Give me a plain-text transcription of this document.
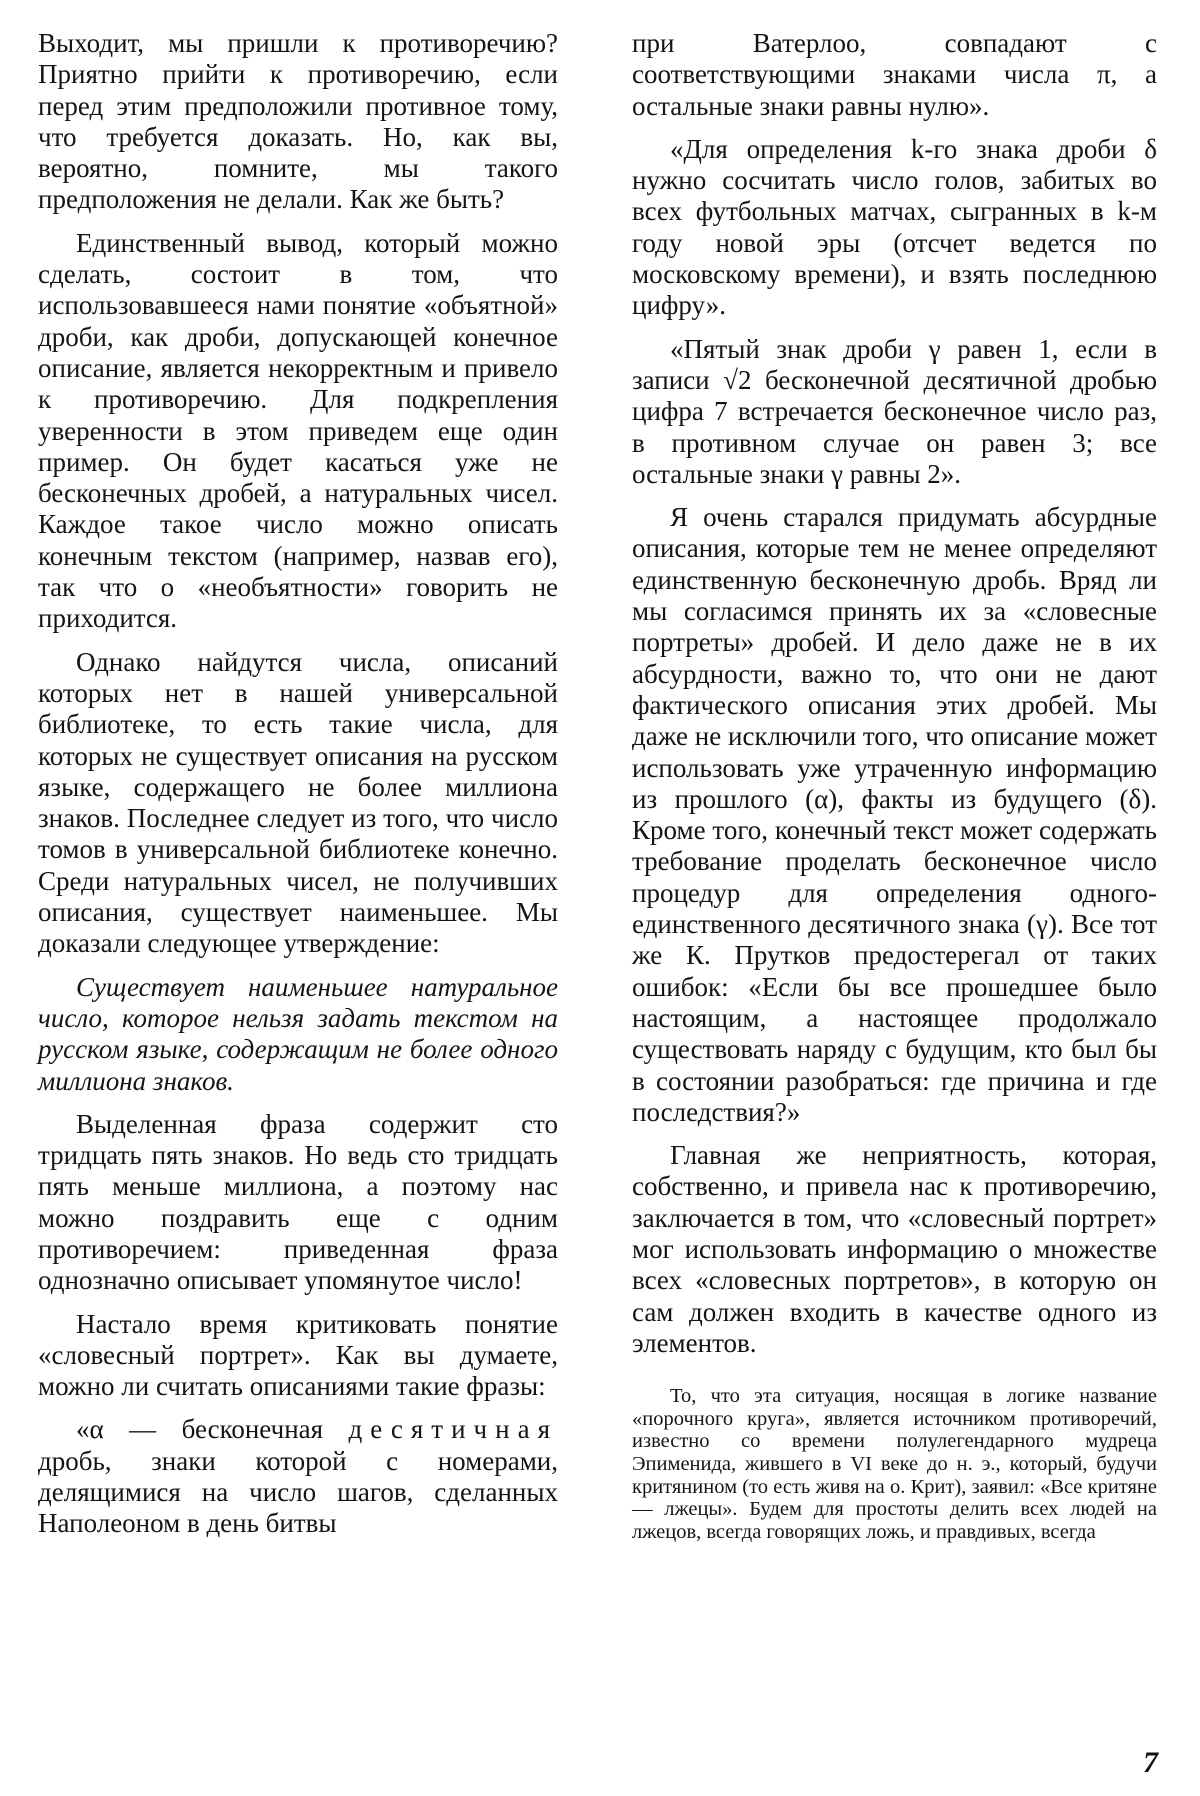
Выходит, мы пришли к противоречию? Приятно прийти к противоречию, если перед этим предположили противное тому, что требуется доказать. Но, как вы, вероятно, помните, мы такого предположения не делали. Как же быть?

Единственный вывод, который можно сделать, состоит в том, что использовавшееся нами понятие «объятной» дроби, как дроби, допускающей конечное описание, является некорректным и привело к противоречию. Для подкрепления уверенности в этом приведем еще один пример. Он будет касаться уже не бесконечных дробей, а натуральных чисел. Каждое такое число можно описать конечным текстом (например, назвав его), так что о «необъятности» говорить не приходится.

Однако найдутся числа, описаний которых нет в нашей универсальной библиотеке, то есть такие числа, для которых не существует описания на русском языке, содержащего не более миллиона знаков. Последнее следует из того, что число томов в универсальной библиотеке конечно. Среди натуральных чисел, не получивших описания, существует наименьшее. Мы доказали следующее утверждение:

Существует наименьшее натуральное число, которое нельзя задать текстом на русском языке, содержащим не более одного миллиона знаков.

Выделенная фраза содержит сто тридцать пять знаков. Но ведь сто тридцать пять меньше миллиона, а поэтому нас можно поздравить еще с одним противоречием: приведенная фраза однозначно описывает упомянутое число!

Настало время критиковать понятие «словесный портрет». Как вы думаете, можно ли считать описаниями такие фразы:

«α — бесконечная десятичная дробь, знаки которой с номерами, делящимися на число шагов, сделанных Наполеоном в день битвы

при Ватерлоо, совпадают с соответствующими знаками числа π, а остальные знаки равны нулю».

«Для определения k-го знака дроби δ нужно сосчитать число голов, забитых во всех футбольных матчах, сыгранных в k-м году новой эры (отсчет ведется по московскому времени), и взять последнюю цифру».

«Пятый знак дроби γ равен 1, если в записи √2 бесконечной десятичной дробью цифра 7 встречается бесконечное число раз, в противном случае он равен 3; все остальные знаки γ равны 2».

Я очень старался придумать абсурдные описания, которые тем не менее определяют единственную бесконечную дробь. Вряд ли мы согласимся принять их за «словесные портреты» дробей. И дело даже не в их абсурдности, важно то, что они не дают фактического описания этих дробей. Мы даже не исключили того, что описание может использовать уже утраченную информацию из прошлого (α), факты из будущего (δ). Кроме того, конечный текст может содержать требование проделать бесконечное число процедур для определения одного-единственного десятичного знака (γ). Все тот же К. Прутков предостерегал от таких ошибок: «Если бы все прошедшее было настоящим, а настоящее продолжало существовать наряду с будущим, кто был бы в состоянии разобраться: где причина и где последствия?»

Главная же неприятность, которая, собственно, и привела нас к противоречию, заключается в том, что «словесный портрет» мог использовать информацию о множестве всех «словесных портретов», в которую он сам должен входить в качестве одного из элементов.

То, что эта ситуация, носящая в логике название «порочного круга», является источником противоречий, известно со времени полулегендарного мудреца Эпименида, жившего в VI веке до н. э., который, будучи критянином (то есть живя на о. Крит), заявил: «Все критяне — лжецы». Будем для простоты делить всех людей на лжецов, всегда говорящих ложь, и правдивых, всегда

7
